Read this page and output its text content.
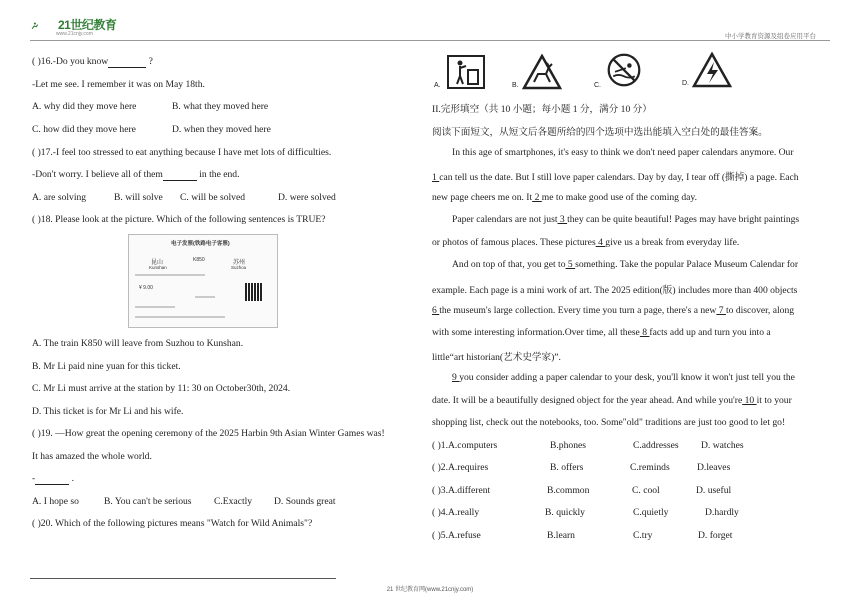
21世纪教育
www.21cnjy.com	中小学教育资源及组卷应用平台
( )16.-Do you know	?
-Let me see. I remember it was on May 18th.
A. why did they move here	B. what they moved here
C. how did they move here	D. when they moved here
( )17.-I feel too stressed to eat anything because I have met lots of difficulties.
-Don't worry. I believe all of them	in the end.
A. are solving	B. will solve C. will be solved	D. were solved
( )18. Please look at the picture. Which of the following sentences is TRUE?
电子发票(铁路电子客票)
昆山
Kunshan
K850	苏州
Suzhou
¥ 9.00
A. The train K850 will leave from Suzhou to Kunshan.
B. Mr Li paid nine yuan for this ticket.
C. Mr Li must arrive at the station by 11: 30 on October30th, 2024.
D. This ticket is for Mr Li and his wife.
( )19. —How great the opening ceremony of the 2025 Harbin 9th Asian Winter Games was!
It has amazed the whole world.
-	.
A. I hope so	B. You can't be serious C.Exactly D. Sounds great
( )20. Which of the following pictures means "Watch for Wild Animals"?
A.	B.	C.	D.
II.完形填空（共 10 小题；每小题 1 分，满分 10 分）
阅读下面短文，从短文后各题所给的四个选项中选出能填入空白处的最佳答案。
In this age of smartphones, it's easy to think we don't need paper calendars anymore. Our
1 can tell us the date. But I still love paper calendars. Day by day, I tear off (撕掉) a page. Each
new page cheers me on. It 2 me to make good use of the coming day.
Paper calendars are not just 3 they can be quite beautiful! Pages may have bright paintings
or photos of famous places. These pictures 4 give us a break from everyday life.
And on top of that, you get to 5 something. Take the popular Palace Museum Calendar for
example. Each page is a mini work of art. The 2025 edition(版) includes more than 400 objects
6 the museum's large collection. Every time you turn a page, there's a new 7 to discover, along
with some interesting information.Over time, all these 8 facts add up and turn you into a
little“art historian(艺术史学家)”.
9 you consider adding a paper calendar to your desk, you'll know it won't just tell you the
date. It will be a beautifully designed object for the year ahead. And while you're 10 it to your
shopping list, check out the notebooks, too. Some"old" traditions are just too good to let go!
( )1.A.computers	B.phones	C.addresses D. watches
( )2.A.requires	B. offers	C.reminds	D.leaves
( )3.A.different	B.common	C. cool	D. useful
( )4.A.really	B. quickly	C.quietly	D.hardly
( )5.A.refuse	B.learn	C.try	D. forget
21 世纪教育网(www.21cnjy.com)
